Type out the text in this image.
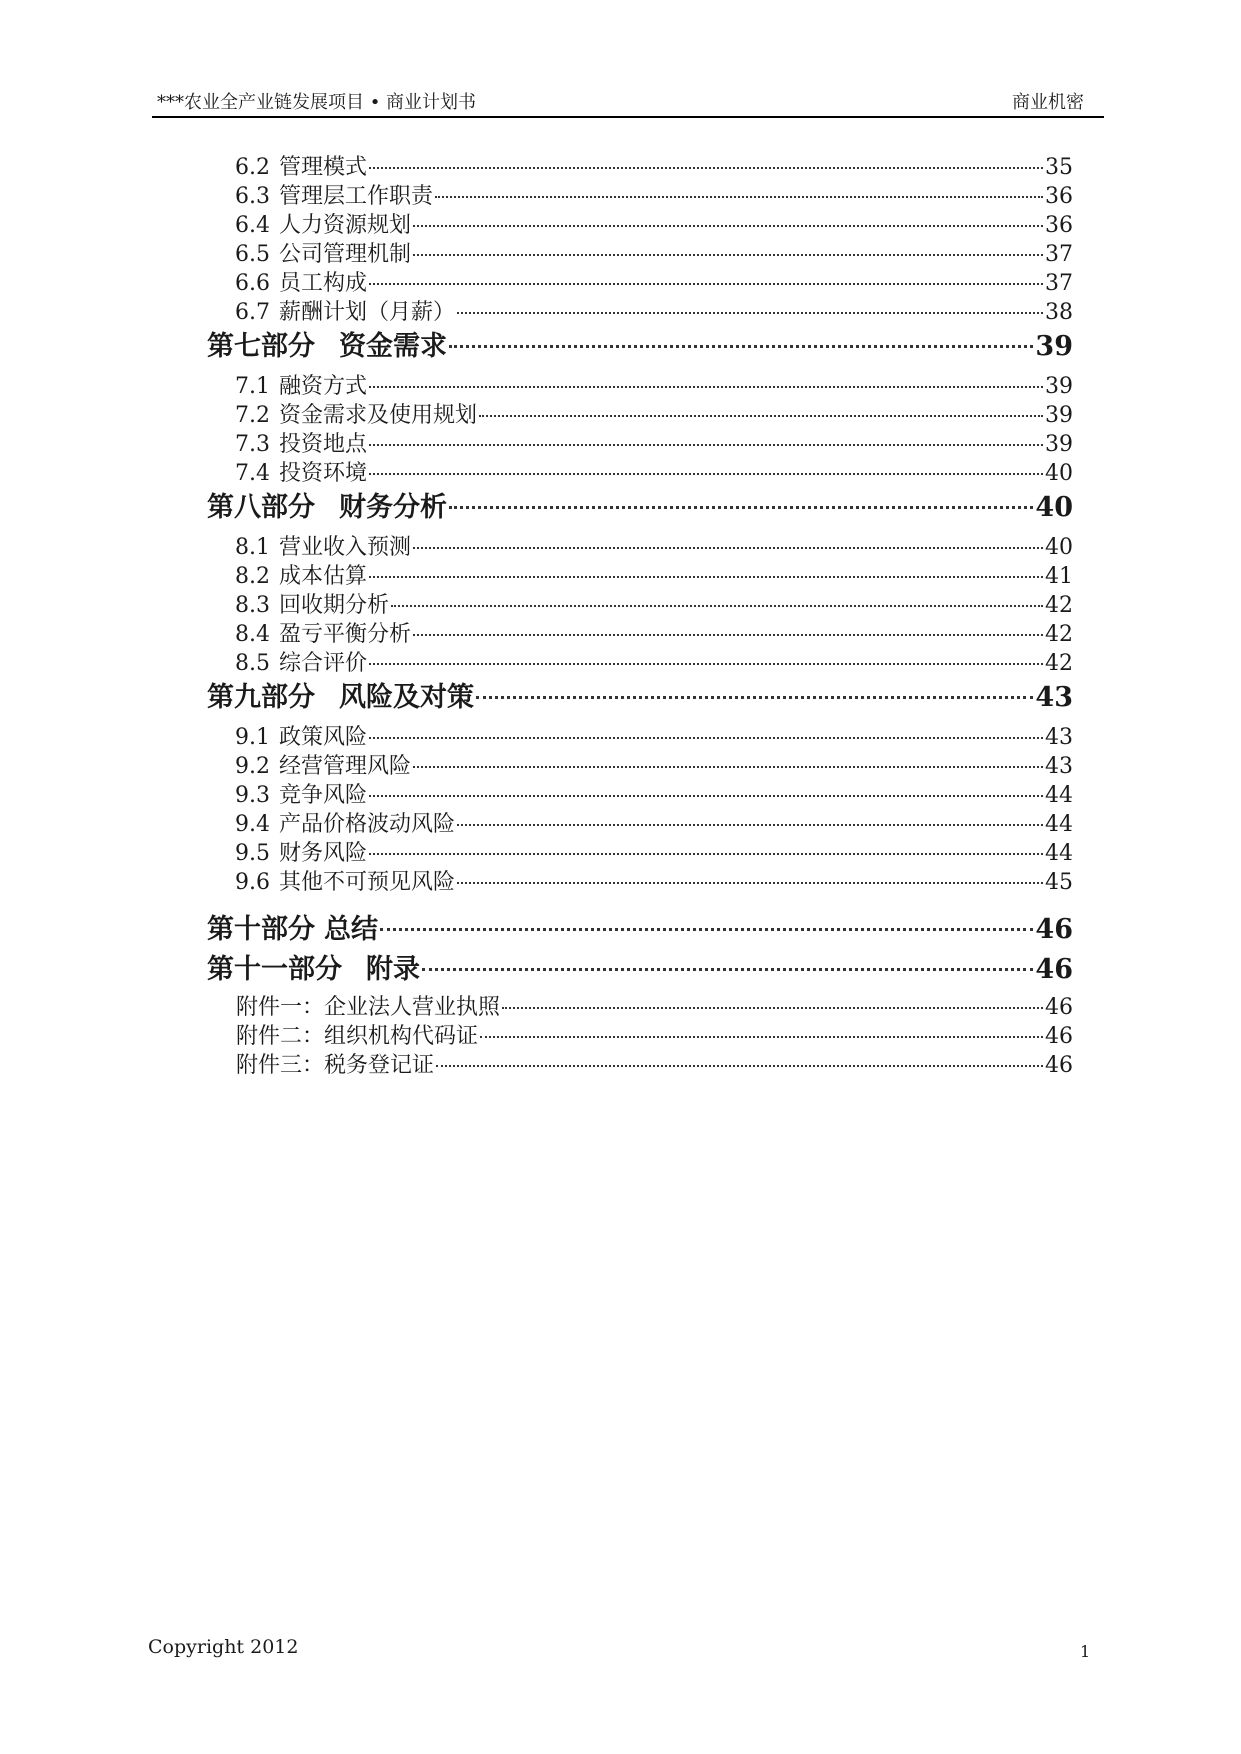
***农业全产业链发展项目 • 商业计划书	商业机密
6.2 管理模式	35
6.3 管理层工作职责	36
6.4 人力资源规划	36
6.5 公司管理机制	37
6.6 员工构成	37
6.7 薪酬计划（月薪）	38
第七部分 资金需求	39
7.1 融资方式	39
7.2 资金需求及使用规划	39
7.3 投资地点	39
7.4 投资环境	40
第八部分 财务分析	40
8.1 营业收入预测	40
8.2 成本估算	41
8.3 回收期分析	42
8.4 盈亏平衡分析	42
8.5 综合评价	42
第九部分 风险及对策	43
9.1 政策风险	43
9.2 经营管理风险	43
9.3 竞争风险	44
9.4 产品价格波动风险	44
9.5 财务风险	44
9.6 其他不可预见风险	45
第十部分 总结	46
第十一部分 附录	46
附件一： 企业法人营业执照	46
附件二： 组织机构代码证	46
附件三： 税务登记证	46
Copyright 2012	1
